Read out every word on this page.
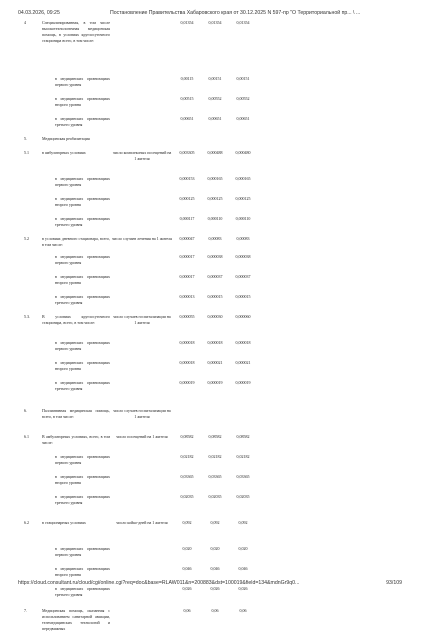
04.03.2026, 09:25	Постановление Правительства Хабаровского края от 30.12.2025 N 597-пр "О Территориальной пр... \ ...
4	Специализированная, в том числе высокотехнологичная медицинская помощь, в условиях круглосуточного стационара всего, в том числе:		0,01354	0,01354	0,01354
	в медицинских организациях первого уровня		0,00115	0,00151	0,00151
	в медицинских организациях второго уровня		0,00515	0,00552	0,00552
	в медицинских организациях третьего уровня		0,00651	0,00651	0,00651
5.	Медицинская реабилитация				
5.1	в амбулаторных условиях	число комплексных посещений на 1 жителя	0,003305	0,000488	0,000480
	в медицинских организациях первого уровня		0,000153	0,000165	0,000165
	в медицинских организациях второго уровня		0,000125	0,000125	0,000125
	в медицинских организациях третьего уровня		0,000117	0,000110	0,000110
5.2	в условиях дневного стационара, всего, в том числе:	число случаев лечения на 1 жителя	0,000047	0,00083	0,00083
	в медицинских организациях первого уровня		0,000017	0,000038	0,000038
	в медицинских организациях второго уровня		0,000017	0,000037	0,000037
	в медицинских организациях третьего уровня		0,000013	0,000015	0,000015
5.3.	В условиях круглосуточного стационара, всего, в том числе:	число случаев госпитализации на 1 жителя	0,000055	0,000030	0,000060
	в медицинских организациях первого уровня		0,000018	0,000018	0,000018
	в медицинских организациях второго уровня		0,000018	0,000021	0,000021
	в медицинских организациях третьего уровня		0,000019	0,000019	0,000019
6.	Паллиативная медицинская помощь, всего, в том числе:	число случаев госпитализации на 1 жителя			
6.1	В амбулаторных условиях, всего, в том числе:	число посещений на 1 жителя	0,08582	0,08582	0,08582
	в медицинских организациях первого уровня		0,02182	0,02182	0,02182
	в медицинских организациях второго уровня		0,03365	0,03365	0,03365
	в медицинских организациях третьего уровня		0,02035	0,02035	0,02035
6.2	в стационарных условиях	число койко-дней на 1 жителя	0,092	0,092	0,092
	в медицинских организациях первого уровня		0,020	0,020	0,020
	в медицинских организациях второго уровня		0,046	0,046	0,046
	в медицинских организациях третьего уровня		0,026	0,026	0,026
7.	Медицинская помощь, оказанная с использованием санитарной авиации, телемедицинских технологий и передвижных		0,06	0,06	0,06
https://cloud.consultant.ru/cloud/cgi/online.cgi?req=doc&base=RLAW011&n=200883&dst=100019&field=134&mdnGr9q0...	93/109
